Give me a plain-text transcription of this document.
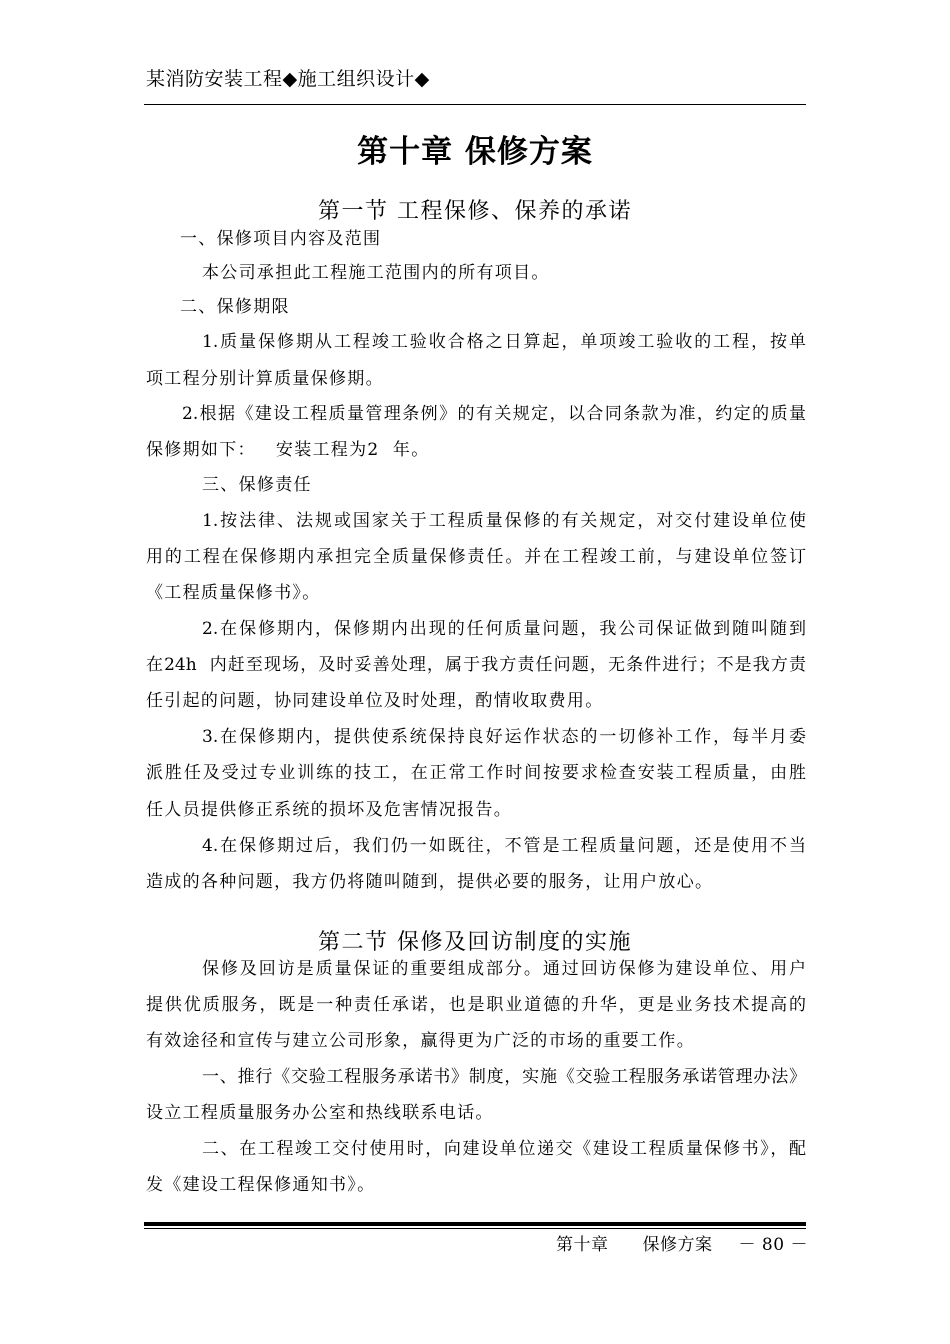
某消防安装工程◆施工组织设计◆
第十章 保修方案
第一节 工程保修、保养的承诺
一、保修项目内容及范围
本公司承担此工程施工范围内的所有项目。
二、保修期限
1.质量保修期从工程竣工验收合格之日算起，单项竣工验收的工程，按单
项工程分别计算质量保修期。
2.根据《建设工程质量管理条例》的有关规定，以合同条款为准，约定的质量
保修期如下：   安装工程为2  年。
三、保修责任
1.按法律、法规或国家关于工程质量保修的有关规定，对交付建设单位使
用的工程在保修期内承担完全质量保修责任。并在工程竣工前，与建设单位签订
《工程质量保修书》。
2.在保修期内，保修期内出现的任何质量问题，我公司保证做到随叫随到
在24h  内赶至现场，及时妥善处理，属于我方责任问题，无条件进行；不是我方责
任引起的问题，协同建设单位及时处理，酌情收取费用。
3.在保修期内，提供使系统保持良好运作状态的一切修补工作，每半月委
派胜任及受过专业训练的技工，在正常工作时间按要求检查安装工程质量，由胜
任人员提供修正系统的损坏及危害情况报告。
4.在保修期过后，我们仍一如既往，不管是工程质量问题，还是使用不当
造成的各种问题，我方仍将随叫随到，提供必要的服务，让用户放心。
第二节 保修及回访制度的实施
保修及回访是质量保证的重要组成部分。通过回访保修为建设单位、用户
提供优质服务，既是一种责任承诺，也是职业道德的升华，更是业务技术提高的
有效途径和宣传与建立公司形象，赢得更为广泛的市场的重要工作。
一、推行《交验工程服务承诺书》制度，实施《交验工程服务承诺管理办法》
设立工程质量服务办公室和热线联系电话。
二、在工程竣工交付使用时，向建设单位递交《建设工程质量保修书》，配
发《建设工程保修通知书》。
第十章 保修方案 － 80 －
